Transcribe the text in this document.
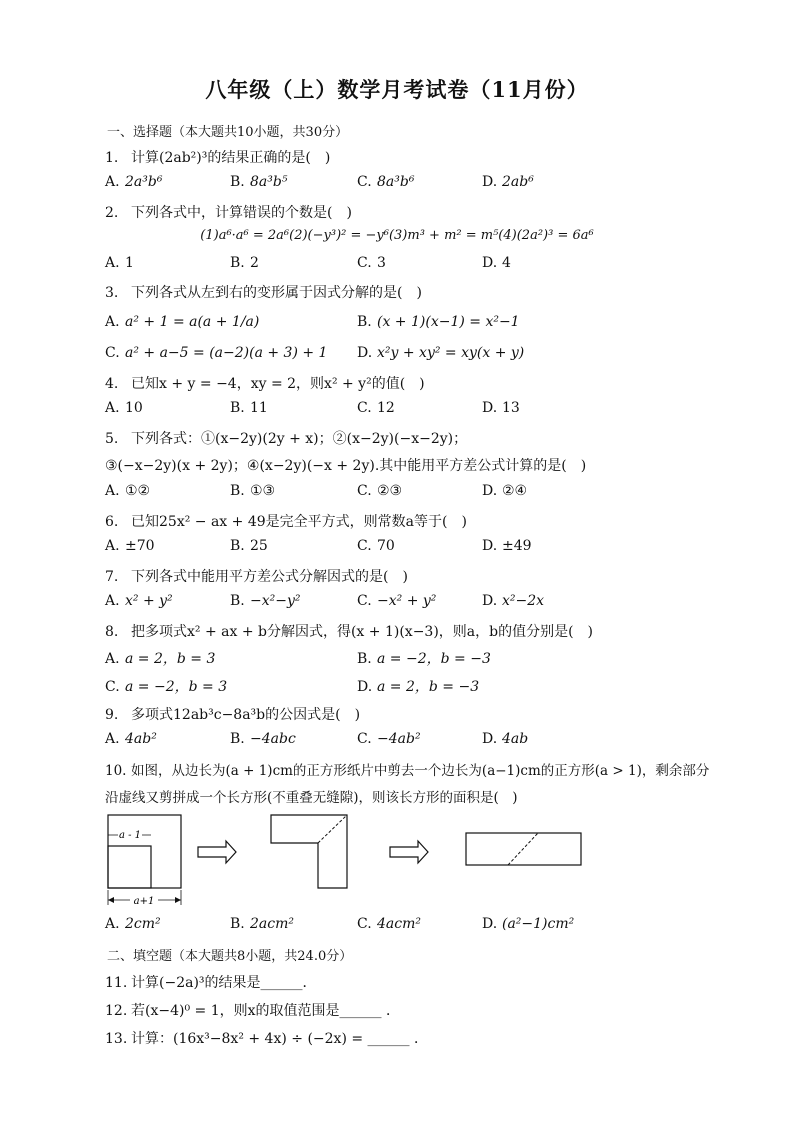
八年级（上）数学月考试卷（11月份）
一、选择题（本大题共10小题，共30分）
1. 计算(2ab²)³的结果正确的是(　)
A. 2a³b⁶	B. 8a³b⁵	C. 8a³b⁶	D. 2ab⁶
2. 下列各式中，计算错误的个数是(　)
(1)a⁶·a⁶ = 2a⁶(2)(−y³)² = −y⁶(3)m³ + m² = m⁵(4)(2a²)³ = 6a⁶
A. 1	B. 2	C. 3	D. 4
3. 下列各式从左到右的变形属于因式分解的是(　)
A. a² + 1 = a(a + 1/a)	B. (x + 1)(x−1) = x²−1
C. a² + a−5 = (a−2)(a + 3) + 1 D. x²y + xy² = xy(x + y)
4. 已知x + y = −4，xy = 2，则x² + y²的值(　)
A. 10	B. 11	C. 12	D. 13
5. 下列各式：①(x−2y)(2y + x)；②(x−2y)(−x−2y)；
③(−x−2y)(x + 2y)；④(x−2y)(−x + 2y).其中能用平方差公式计算的是(　)
A. ①②	B. ①③	C. ②③	D. ②④
6. 已知25x² − ax + 49是完全平方式，则常数a等于(　)
A. ±70	B. 25	C. 70	D. ±49
7. 下列各式中能用平方差公式分解因式的是(　)
A. x² + y²	B. −x²−y²	C. −x² + y²	D. x²−2x
8. 把多项式x² + ax + b分解因式，得(x + 1)(x−3)，则a，b的值分别是(　)
A. a = 2，b = 3	B. a = −2，b = −3
C. a = −2，b = 3	D. a = 2，b = −3
9. 多项式12ab³c−8a³b的公因式是(　)
A. 4ab²	B. −4abc	C. −4ab²	D. 4ab
10. 如图，从边长为(a + 1)cm的正方形纸片中剪去一个边长为(a−1)cm的正方形(a > 1)，剩余部分
沿虚线又剪拼成一个长方形(不重叠无缝隙)，则该长方形的面积是(　)
a - 1
a+1
A. 2cm²	B. 2acm²	C. 4acm²	D. (a²−1)cm²
二、填空题（本大题共8小题，共24.0分）
11. 计算(−2a)³的结果是______．
12. 若(x−4)⁰ = 1，则x的取值范围是______ ．
13. 计算：(16x³−8x² + 4x) ÷ (−2x) = ______ ．
